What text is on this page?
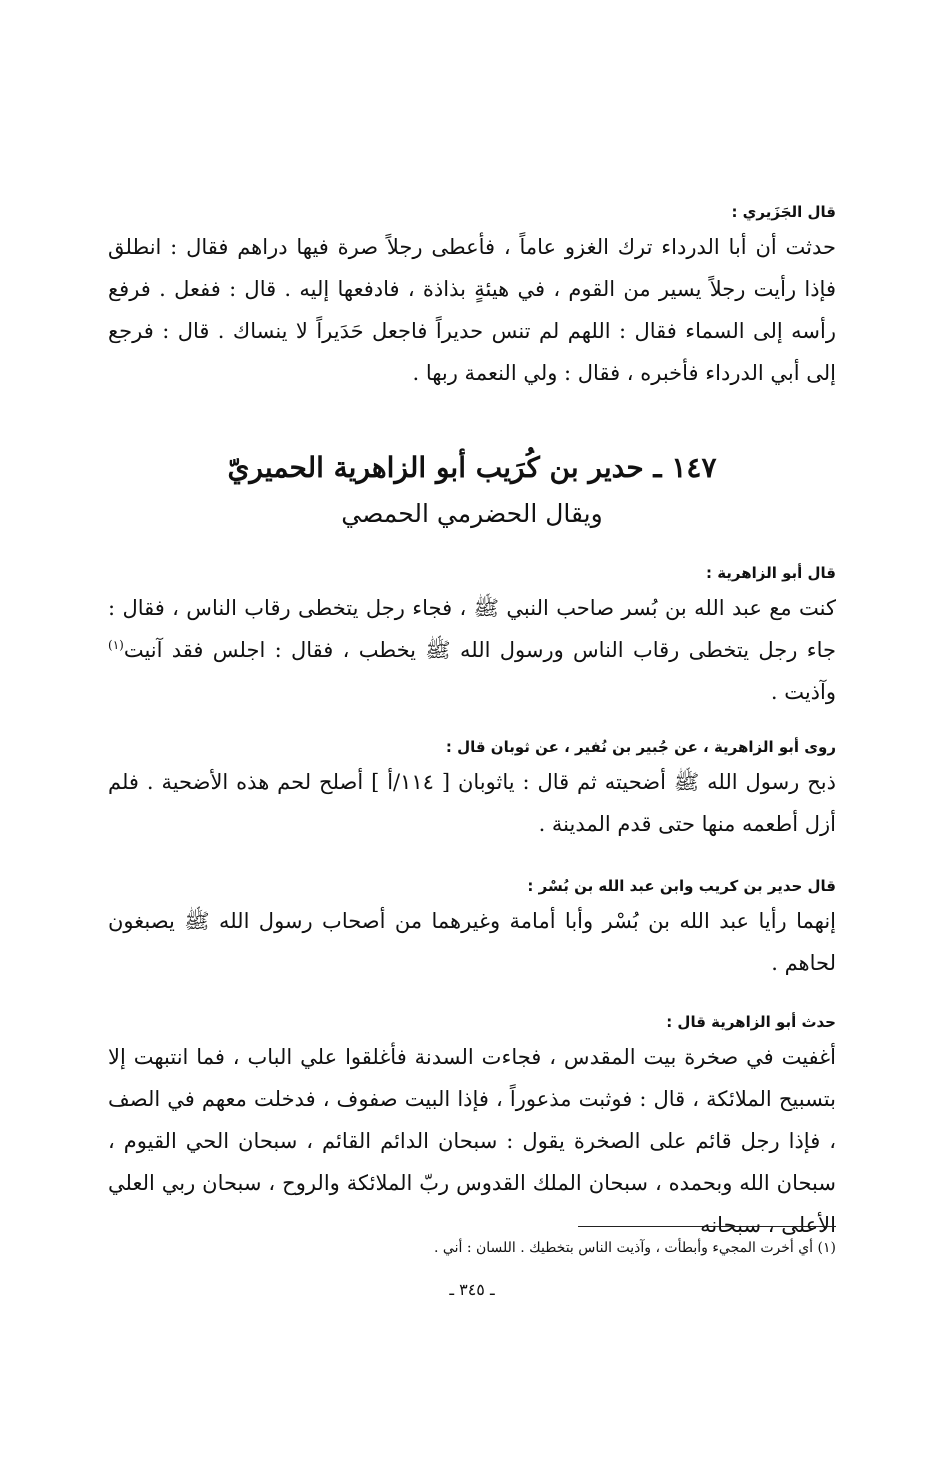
قال الجَزَيري :

حدثت أن أبا الدرداء ترك الغزو عاماً ، فأعطى رجلاً صرة فيها دراهم فقال : انطلق فإذا رأيت رجلاً يسير من القوم ، في هيئةٍ بذاذة ، فادفعها إليه . قال : ففعل . فرفع رأسه إلى السماء فقال : اللهم لم تنس حديراً فاجعل حَدَيراً لا ينساك . قال : فرجع إلى أبي الدرداء فأخبره ، فقال : ولي النعمة ربها .

١٤٧ ـ حدير بن كُرَيب أبو الزاهرية الحميريّ
ويقال الحضرمي الحمصي

قال أبو الزاهرية :

كنت مع عبد الله بن بُسر صاحب النبي ﷺ ، فجاء رجل يتخطى رقاب الناس ، فقال : جاء رجل يتخطى رقاب الناس ورسول الله ﷺ يخطب ، فقال : اجلس فقد آنيت$^{(١)}$ وآذيت .

روى أبو الزاهرية ، عن جُبير بن نُفير ، عن ثوبان قال :

ذبح رسول الله ﷺ أضحيته ثم قال : ياثوبان [ ١١٤/أ ] أصلح لحم هذه الأضحية . فلم أزل أطعمه منها حتى قدم المدينة .

قال حدير بن كريب وابن عبد الله بن بُسْر :

إنهما رأيا عبد الله بن بُسْر وأبا أمامة وغيرهما من أصحاب رسول الله ﷺ يصبغون لحاهم .

حدث أبو الزاهرية قال :

أغفيت في صخرة بيت المقدس ، فجاءت السدنة فأغلقوا علي الباب ، فما انتبهت إلا بتسبيح الملائكة ، قال : فوثبت مذعوراً ، فإذا البيت صفوف ، فدخلت معهم في الصف ، فإذا رجل قائم على الصخرة يقول : سبحان الدائم القائم ، سبحان الحي القيوم ، سبحان الله وبحمده ، سبحان الملك القدوس ربّ الملائكة والروح ، سبحان ربي العلي الأعلى ، سبحانه

(١) أي أخرت المجيء وأبطأت ، وآذيت الناس بتخطيك . اللسان : أني .
ـ ٣٤٥ ـ
